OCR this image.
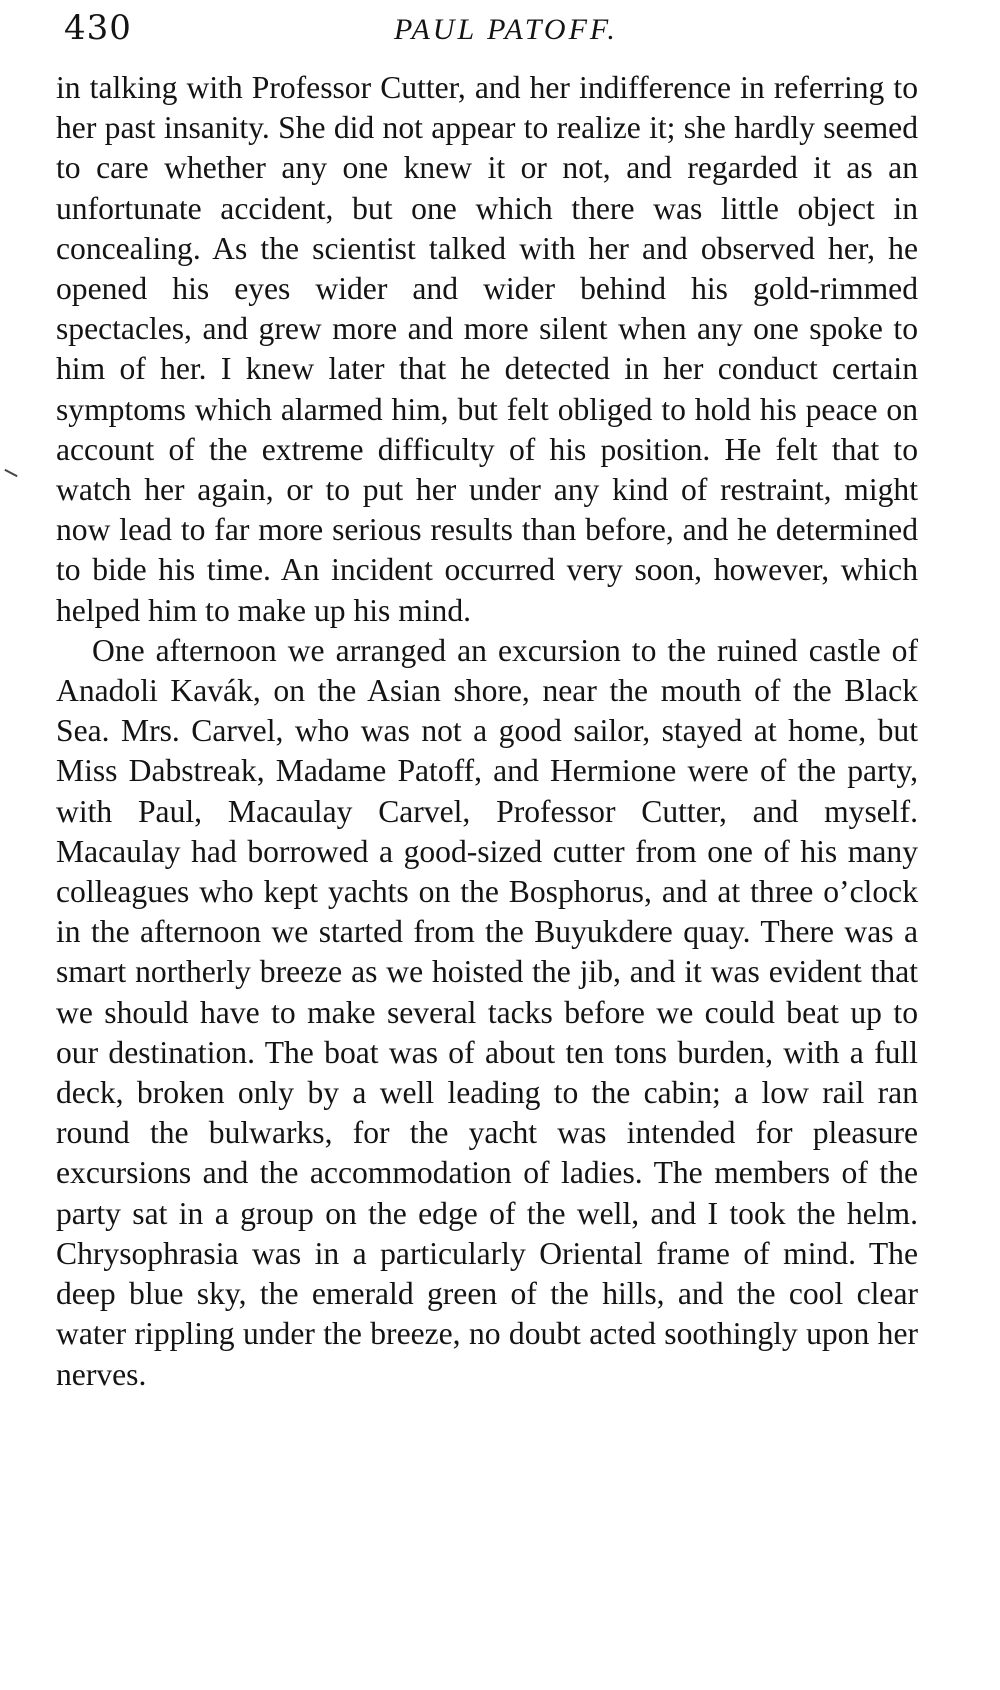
430	PAUL PATOFF.

in talking with Professor Cutter, and her indifference in referring to her past insanity. She did not appear to realize it; she hardly seemed to care whether any one knew it or not, and regarded it as an unfortunate accident, but one which there was little object in concealing. As the scientist talked with her and observed her, he opened his eyes wider and wider behind his gold-rimmed spectacles, and grew more and more silent when any one spoke to him of her. I knew later that he detected in her conduct certain symptoms which alarmed him, but felt obliged to hold his peace on account of the extreme difficulty of his position. He felt that to watch her again, or to put her under any kind of restraint, might now lead to far more serious results than before, and he determined to bide his time. An incident occurred very soon, however, which helped him to make up his mind.

One afternoon we arranged an excursion to the ruined castle of Anadoli Kavák, on the Asian shore, near the mouth of the Black Sea. Mrs. Carvel, who was not a good sailor, stayed at home, but Miss Dabstreak, Madame Patoff, and Hermione were of the party, with Paul, Macaulay Carvel, Professor Cutter, and myself. Macaulay had borrowed a good-sized cutter from one of his many colleagues who kept yachts on the Bosphorus, and at three o’clock in the afternoon we started from the Buyukdere quay. There was a smart northerly breeze as we hoisted the jib, and it was evident that we should have to make several tacks before we could beat up to our destination. The boat was of about ten tons burden, with a full deck, broken only by a well leading to the cabin; a low rail ran round the bulwarks, for the yacht was intended for pleasure excursions and the accommodation of ladies. The members of the party sat in a group on the edge of the well, and I took the helm. Chrysophrasia was in a particularly Oriental frame of mind. The deep blue sky, the emerald green of the hills, and the cool clear water rippling under the breeze, no doubt acted soothingly upon her nerves.
